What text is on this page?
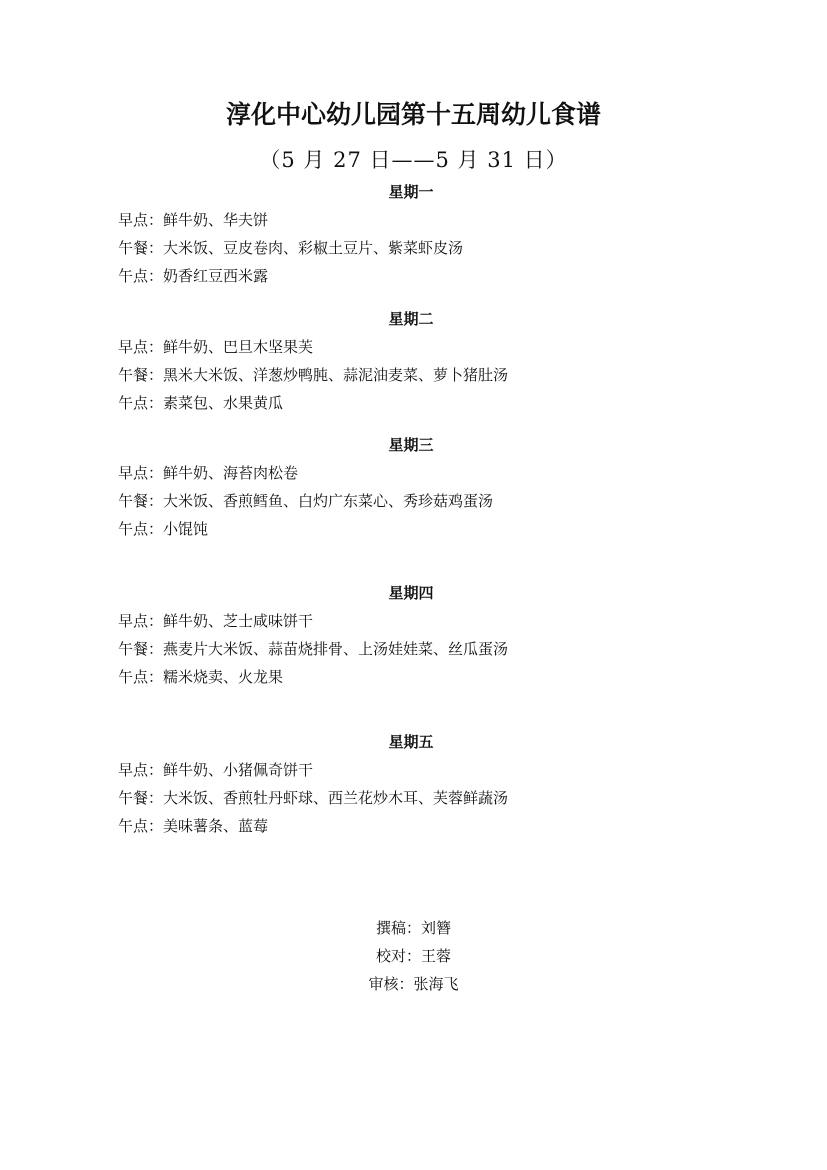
淳化中心幼儿园第十五周幼儿食谱
（5 月 27 日——5 月 31 日）
星期一
早点：鲜牛奶、华夫饼
午餐：大米饭、豆皮卷肉、彩椒土豆片、紫菜虾皮汤
午点：奶香红豆西米露
星期二
早点：鲜牛奶、巴旦木坚果芙
午餐：黑米大米饭、洋葱炒鸭肫、蒜泥油麦菜、萝卜猪肚汤
午点：素菜包、水果黄瓜
星期三
早点：鲜牛奶、海苔肉松卷
午餐：大米饭、香煎鳕鱼、白灼广东菜心、秀珍菇鸡蛋汤
午点：小馄饨
星期四
早点：鲜牛奶、芝士咸味饼干
午餐：燕麦片大米饭、蒜苗烧排骨、上汤娃娃菜、丝瓜蛋汤
午点：糯米烧卖、火龙果
星期五
早点：鲜牛奶、小猪佩奇饼干
午餐：大米饭、香煎牡丹虾球、西兰花炒木耳、芙蓉鲜蔬汤
午点：美味薯条、蓝莓
撰稿：刘簪
校对：王蓉
审核：张海飞
